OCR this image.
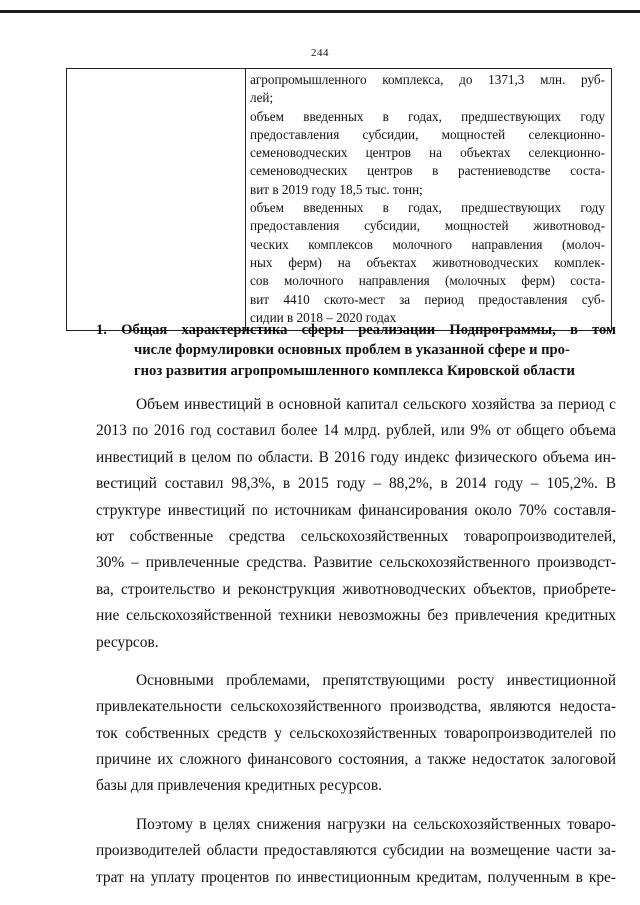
244

агропромышленного комплекса, до 1371,3 млн. руб-
лей;
объем введенных в годах, предшествующих году
предоставления субсидии, мощностей селекционно-
семеноводческих центров на объектах селекционно-
семеноводческих центров в растениеводстве соста-
вит в 2019 году 18,5 тыс. тонн;
объем введенных в годах, предшествующих году
предоставления субсидии, мощностей животновод-
ческих комплексов молочного направления (молоч-
ных ферм) на объектах животноводческих комплек-
сов молочного направления (молочных ферм) соста-
вит 4410 ското-мест за период предоставления суб-
сидии в 2018 – 2020 годах
1. Общая характеристика сферы реализации Подпрограммы, в том
числе формулировки основных проблем в указанной сфере и про-
гноз развития агропромышленного комплекса Кировской области
Объем инвестиций в основной капитал сельского хозяйства за период с
2013 по 2016 год составил более 14 млрд. рублей, или 9% от общего объема
инвестиций в целом по области. В 2016 году индекс физического объема ин-
вестиций составил 98,3%, в 2015 году – 88,2%, в 2014 году – 105,2%. В
структуре инвестиций по источникам финансирования около 70% составля-
ют собственные средства сельскохозяйственных товаропроизводителей,
30% – привлеченные средства. Развитие сельскохозяйственного производст-
ва, строительство и реконструкция животноводческих объектов, приобрете-
ние сельскохозяйственной техники невозможны без привлечения кредитных
ресурсов.
Основными проблемами, препятствующими росту инвестиционной
привлекательности сельскохозяйственного производства, являются недоста-
ток собственных средств у сельскохозяйственных товаропроизводителей по
причине их сложного финансового состояния, а также недостаток залоговой
базы для привлечения кредитных ресурсов.
Поэтому в целях снижения нагрузки на сельскохозяйственных товаро-
производителей области предоставляются субсидии на возмещение части за-
трат на уплату процентов по инвестиционным кредитам, полученным в кре-
